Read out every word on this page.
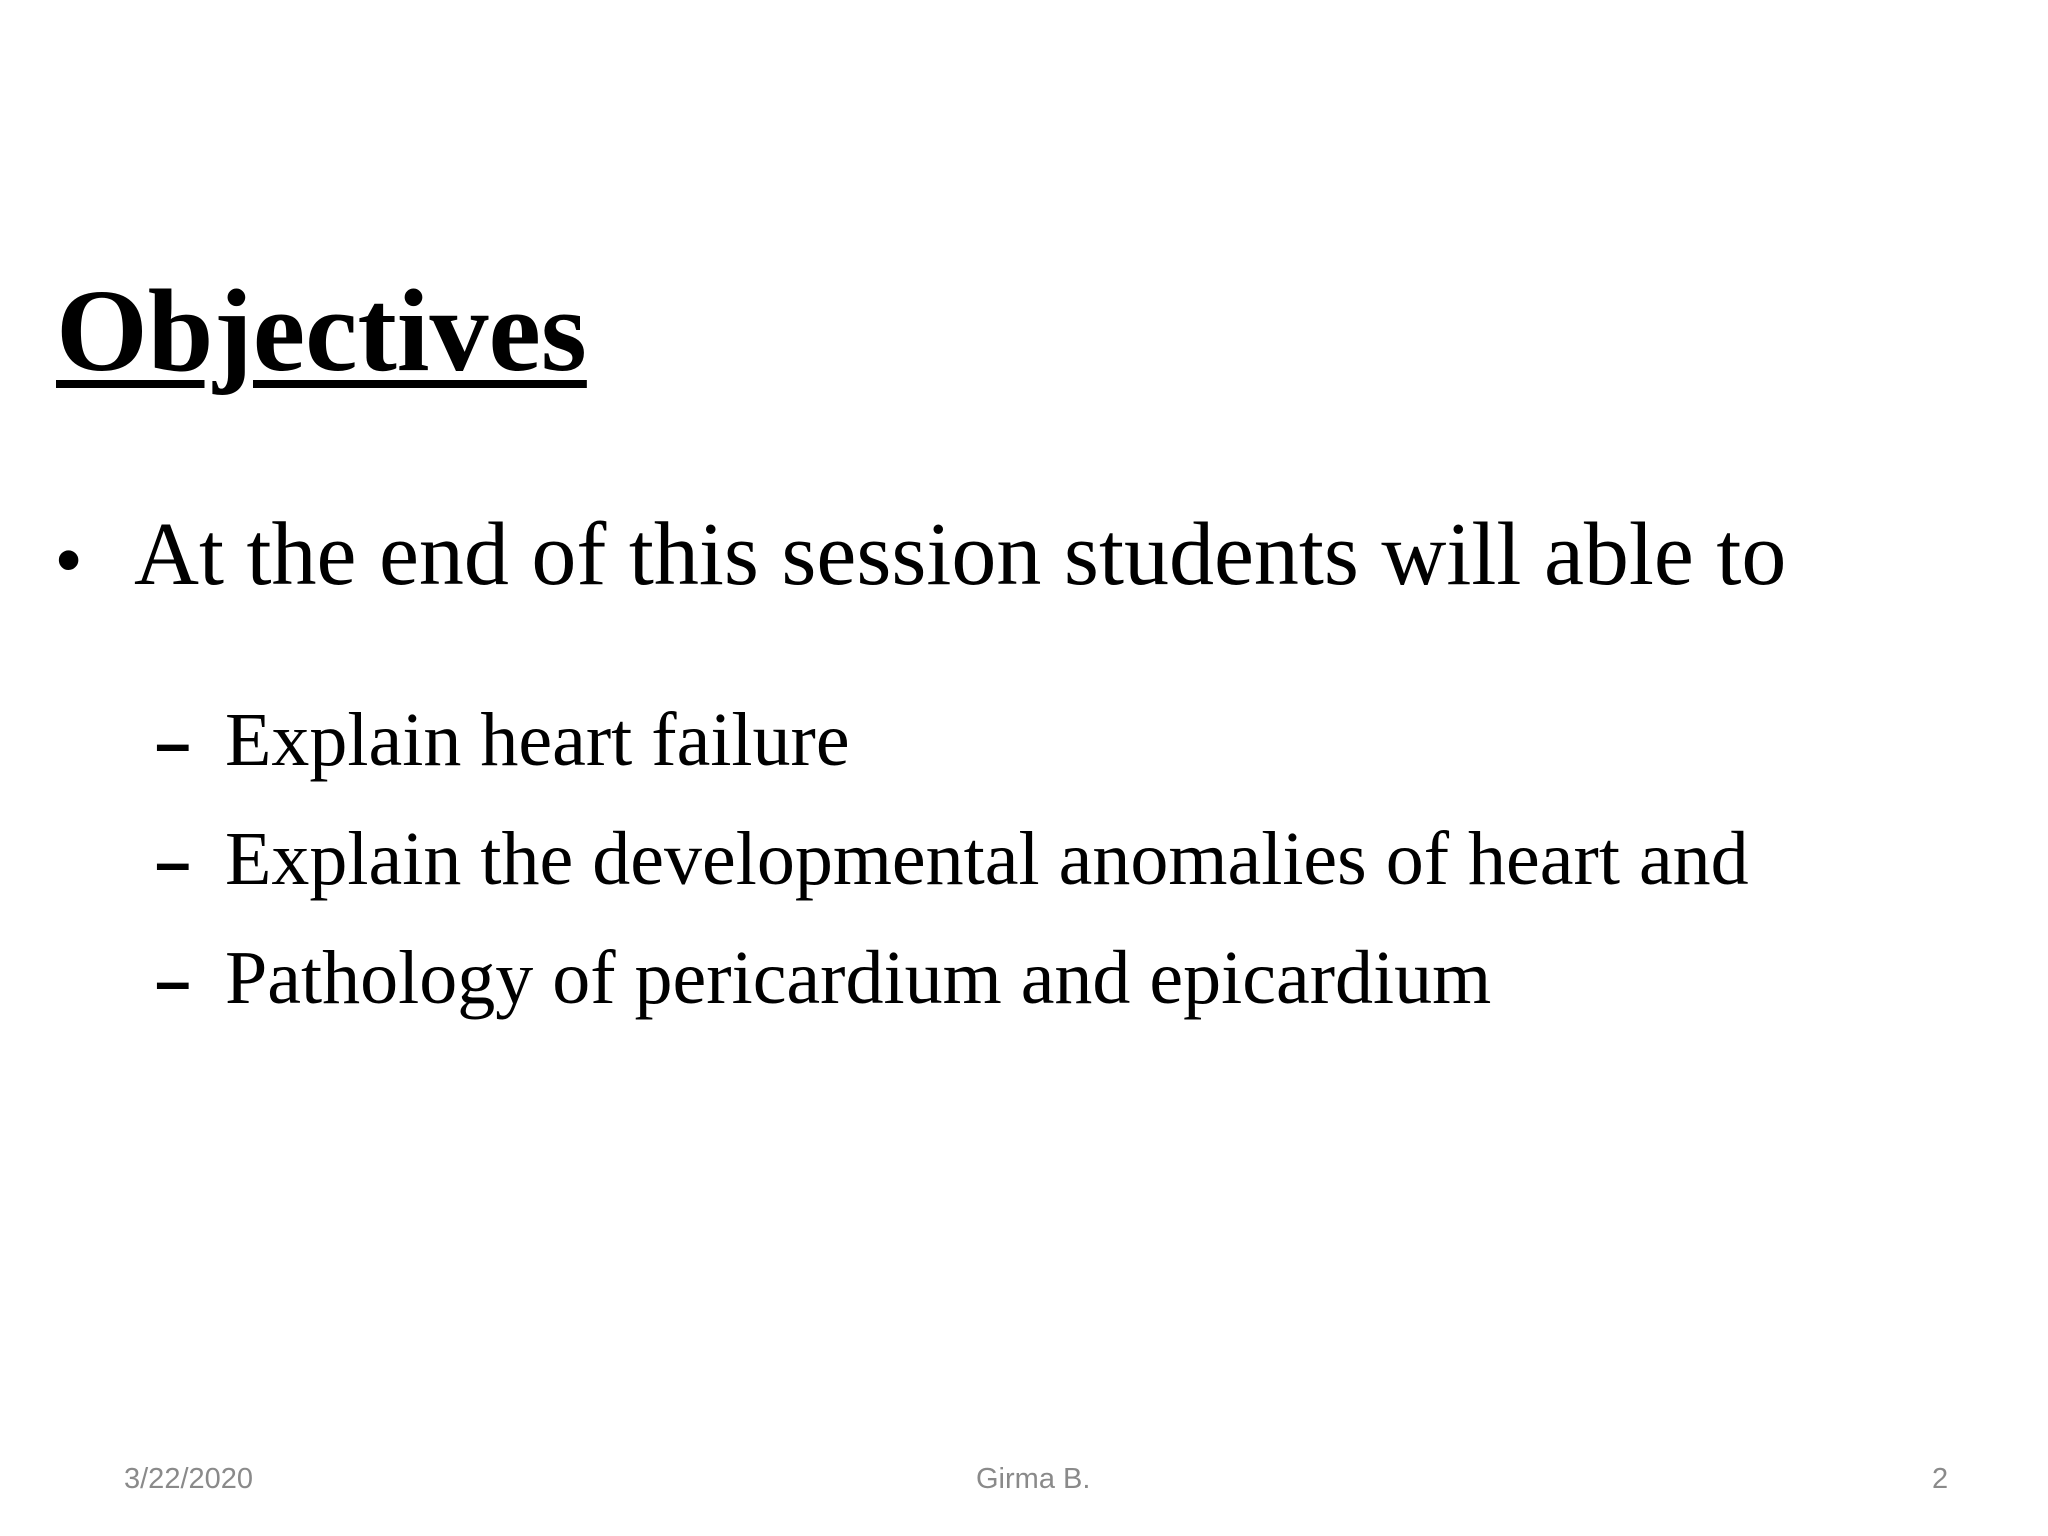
Objectives
• At the end of this session students will able to
– Explain heart failure
– Explain the developmental anomalies of heart and
– Pathology of pericardium and epicardium
3/22/2020	Girma B.	2
